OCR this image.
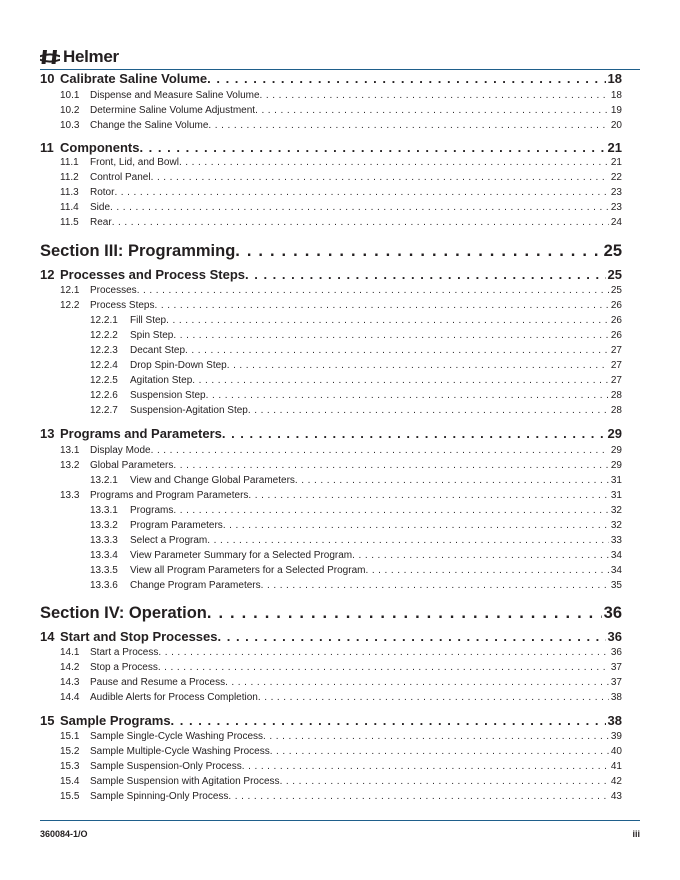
Helmer
10 Calibrate Saline Volume . . .	18
10.1	Dispense and Measure Saline Volume . . .	18
10.2	Determine Saline Volume Adjustment . . .	19
10.3	Change the Saline Volume . . .	20
11 Components . . .	21
11.1	Front, Lid, and Bowl . . .	21
11.2	Control Panel . . .	22
11.3	Rotor . . .	23
11.4	Side . . .	23
11.5	Rear . . .	24
Section III: Programming . . .	25
12 Processes and Process Steps . . .	25
12.1	Processes . . .	25
12.2	Process Steps . . .	26
12.2.1	Fill Step . . .	26
12.2.2	Spin Step . . .	26
12.2.3	Decant Step . . .	27
12.2.4	Drop Spin-Down Step . . .	27
12.2.5	Agitation Step . . .	27
12.2.6	Suspension Step . . .	28
12.2.7	Suspension-Agitation Step . . .	28
13 Programs and Parameters . . .	29
13.1	Display Mode . . .	29
13.2	Global Parameters . . .	29
13.2.1	View and Change Global Parameters . . .	31
13.3	Programs and Program Parameters . . .	31
13.3.1	Programs . . .	32
13.3.2	Program Parameters . . .	32
13.3.3	Select a Program . . .	33
13.3.4	View Parameter Summary for a Selected Program . . .	34
13.3.5	View all Program Parameters for a Selected Program . . .	34
13.3.6	Change Program Parameters . . .	35
Section IV: Operation . . .	36
14 Start and Stop Processes . . .	36
14.1	Start a Process . . .	36
14.2	Stop a Process . . .	37
14.3	Pause and Resume a Process . . .	37
14.4	Audible Alerts for Process Completion . . .	38
15 Sample Programs . . .	38
15.1	Sample Single-Cycle Washing Process . . .	39
15.2	Sample Multiple-Cycle Washing Process . . .	40
15.3	Sample Suspension-Only Process . . .	41
15.4	Sample Suspension with Agitation Process . . .	42
15.5	Sample Spinning-Only Process . . .	43
360084-1/O	iii
